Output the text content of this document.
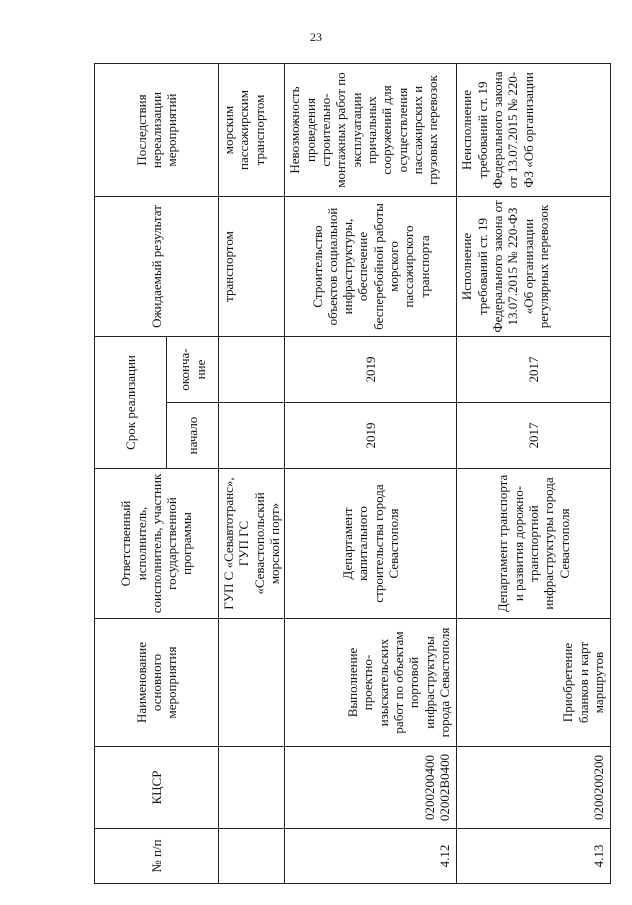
23
№ п/п	КЦСР	Наименование основного мероприятия	Ответственный исполнитель, соисполнитель, участник государственной программы	Срок реализации		Ожидаемый результат	Последствия нереализации мероприятий
				начало	оконча-ние		
			ГУП С «Севавтотранс», ГУП ГС «Севастопольский морской порт»			транспортом	морским пассажирским транспортом
4.12	0200200400 02002В0400	Выполнение проектно-изыскательских работ по объектам портовой инфраструктуры города Севастополя	Департамент капитального строительства города Севастополя	2019	2019	Строительство объектов социальной инфраструктуры, обеспечение бесперебойной работы морского пассажирского транспорта	Невозможность проведения строительно-монтажных работ по эксплуатации причальных сооружений для осуществления пассажирских и грузовых перевозок
4.13	0200200200	Приобретение бланков и карт маршрутов	Департамент транспорта и развития дорожно-транспортной инфраструктуры города Севастополя	2017	2017	Исполнение требований ст. 19 Федерального закона от 13.07.2015 № 220-ФЗ «Об организации регулярных перевозок	Неисполнение требований ст. 19 Федерального закона от 13.07.2015 № 220-ФЗ «Об организации
